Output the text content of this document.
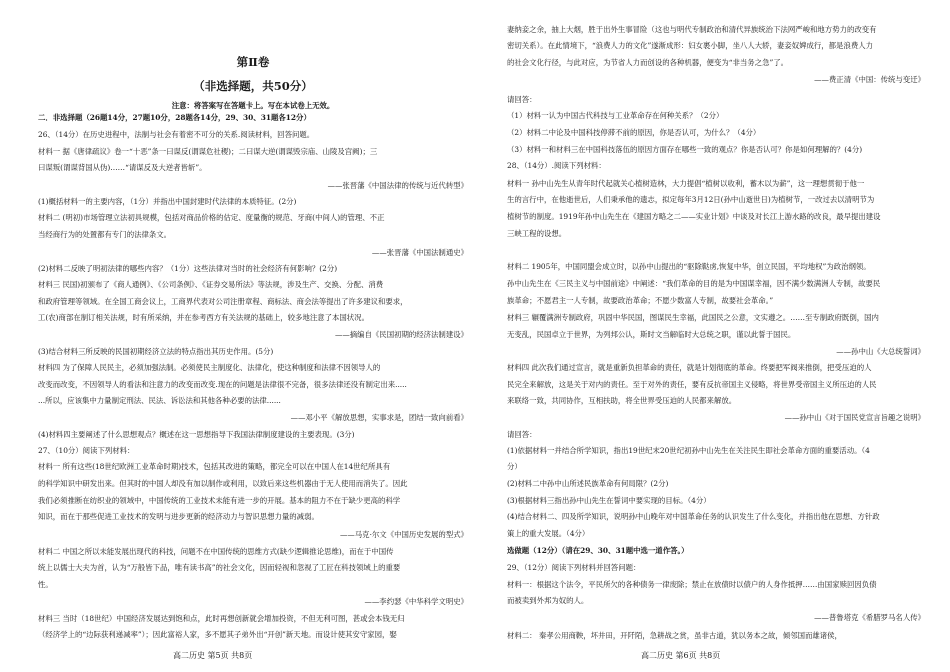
第Ⅱ卷
（非选择题，共50分）
注意：将答案写在答题卡上。写在本试卷上无效。
二．非选择题（26题14分，27题10分，28题各14分，29、30、31题各12分）
26、（14分）在历史进程中，法制与社会有着密不可分的关系.阅读材料，回答问题。
材料一 据《唐律疏议》卷一“十恶”条一曰谋反(谓谋危社稷)；二曰谋大逆(谓谋毁宗庙、山陵及宫阙)；三
曰谋叛(谓谋背国从伪)……“请谋反及大逆者皆斩”。
——张晋藩《中国法律的传统与近代转型》
(1)概括材料一的主要内容，（1分）并指出中国封建时代法律的本质特征。(2分)
材料二 (明初)市场管理立法初具规模，包括对商品价格的估定、度量衡的规范、牙商(中间人)的管理、不正
当经商行为的处置都有专门的法律条文。
——张晋藩《中国法制通史》
(2)材料二反映了明初法律的哪些内容？（1分）这些法律对当时的社会经济有何影响？(2分)
材料三 民国)初颁布了《商人通例》、《公司条例》、《证券交易所法》等法规，涉及生产、交换、分配、消费
和政府管理等领域。在全国工商会议上，工商界代表对公司注册章程、商标法、商会法等提出了许多建议和要求，
工(农)商部在制订相关法规，时有所采纳，并在参考西方有关法规的基础上，较多地注意了本国状况。
——摘编自《民国初期的经济法制建设》
(3)结合材料三所反映的民国初期经济立法的特点指出其历史作用。(5分)
材料四 为了保障人民民主，必须加强法制。必须使民主制度化、法律化，使这种制度和法律不因领导人的
改变而改变，不因领导人的看法和注意力的改变而改变.现在的问题是法律很不完备，很多法律还没有制定出来.....
...所以，应该集中力量制定刑法、民法、诉讼法和其他各种必要的法律......
——邓小平《解放思想，实事求是，团结一致向前看》
(4)材料四主要阐述了什么思想观点？概述在这一思想指导下我国法律制度建设的主要表现。(3分)
27、（10分）阅读下列材料：
材料一 所有这些(18世纪欧洲工业革命时期)技术，包括其改进的策略，都完全可以在中国人在14世纪所具有
的科学知识中研发出来。但其时的中国人却没有加以制作或利用，以致后来这些机器由于无人使用而消失了。因此
我们必须推断在纺织业的领域中，中国传统的工业技术未能有进一步的开展。基本的阻力不在于缺少更高的科学
知识，而在于那些促进工业技术的发明与进步更新的经济动力与智识思想力量的减弱。
——马克·尔文《中国历史发展的型式》
材料二 中国之所以未能发展出现代的科技，问题不在中国传统的思维方式(缺少逻辑推论思维)，而在于中国传
统上以儒士大夫为首，认为“万般皆下品，唯有读书高”的社会文化，因而轻视和忽视了工匠在科技领域上的重要
性。
——李约瑟《中华科学文明史》
材料三 当时（18世纪）中国经济发展达到饱和点，此时再想创新就会增加投资，不但无利可图，甚或会本钱无归
（经济学上的“边际获利递减率”）；因此富裕人家，多不愿其子弟外出“开创”新天地。而设计使其安守家园，娶
妻纳妾之余，抽上大烟，胜于出外生事冒险（这也与明代专制政治和清代异族统治下法网严峻和地方势力的改变有
密切关系）。在此情境下，“浪费人力的文化”遂渐成形：妇女裹小脚，坐八人大轿，妻妾奴婢成行，都是浪费人力
的社会文化行径，与此对应，为节省人力而创设的各种机器，便变为“非当务之急”了。
——费正清《中国：传统与变迁》
请回答：
（1）材料一认为中国古代科技与工业革命存在何种关系？（2分）
（2）材料二中论及中国科技停滞不前的原因，你是否认可，为什么？（4分）
（3）材料一和材料三在中国科技落伍的原因方面存在哪些一致的观点？你是否认可？你是如何理解的？(4分)
28、（14分）.阅读下列材料：
材料一 孙中山先生从青年时代起就关心植树造林，大力提倡“植树以收利，蓄木以为薪”，这一理想贯彻于他一
生的言行中，在他逝世后，人们秉承他的遗志，拟定每年3月12日(孙中山逝世日)为植树节，一改过去以清明节为
植树节的制度。1919年孙中山先生在《建国方略之二——实业计划》中谈及对长江上游水路的改良，最早提出建设
三峡工程的设想。
材料二 1905年，中国同盟会成立时，以孙中山提出的“驱除鞑虏,恢复中华，创立民国，平均地权”为政治纲领。
孙中山先生在《三民主义与中国前途》中阐述：“我们革命的目的是为中国谋幸福，因不满少数满洲人专制，故要民
族革命；不愿君主一人专制，故要政治革命；不愿少数富人专制，故要社会革命。”
材料三 辗覆满洲专制政府，巩固中华民国，图谋民生幸福，此国民之公意，文实遵之。……至专制政府既倒，国内
无变乱，民国卓立于世界，为列邦公认，斯时文当解临时大总统之职，谨以此誓于国民。
——孙中山《大总统誓词》
材料四 此次我们通过宣言，就是重新负担革命的责任，就是计划彻底的革命。终要把军阀来推倒，把受压迫的人
民完全来解放，这是关于对内的责任。至于对外的责任，要有反抗帝国主义侵略，将世界受帝国主义所压迫的人民
来联络一致，共同协作，互相扶助，将全世界受压迫的人民都来解放。
——孙中山《对于国民党宣言旨趣之说明》
请回答：
(1)依据材料一并结合所学知识，指出19世纪末20世纪初孙中山先生在关注民生即社会革命方面的重要活动。（4
分）
(2)材料二中孙中山所述民族革命有何局限？(2分)
(3)根据材料三指出孙中山先生在誓词中要实现的目标。（4分）
(4)结合材料二、四及所学知识，说明孙中山晚年对中国革命任务的认识发生了什么变化，并指出他在思想、方针政
策上的重大发展。（4分）
选做题（12分）（请在29、30、31题中选一道作答。）
29、（12分）阅读下列材料并回答问题：
材料一：根据这个法令，平民所欠的各种债务一律废除；禁止在放债时以债户的人身作抵押……由国家赎回因负债
而被卖到外邦为奴的人。
——普鲁塔克《希腊罗马名人传》
材料二： 秦孝公用商鞅，坏井田，开阡陌，急耕战之赏，虽非古道，犹以务本之故，倾邻国而雄诸侯，
高二历史 第5页 共8页	高二历史 第6页 共8页
